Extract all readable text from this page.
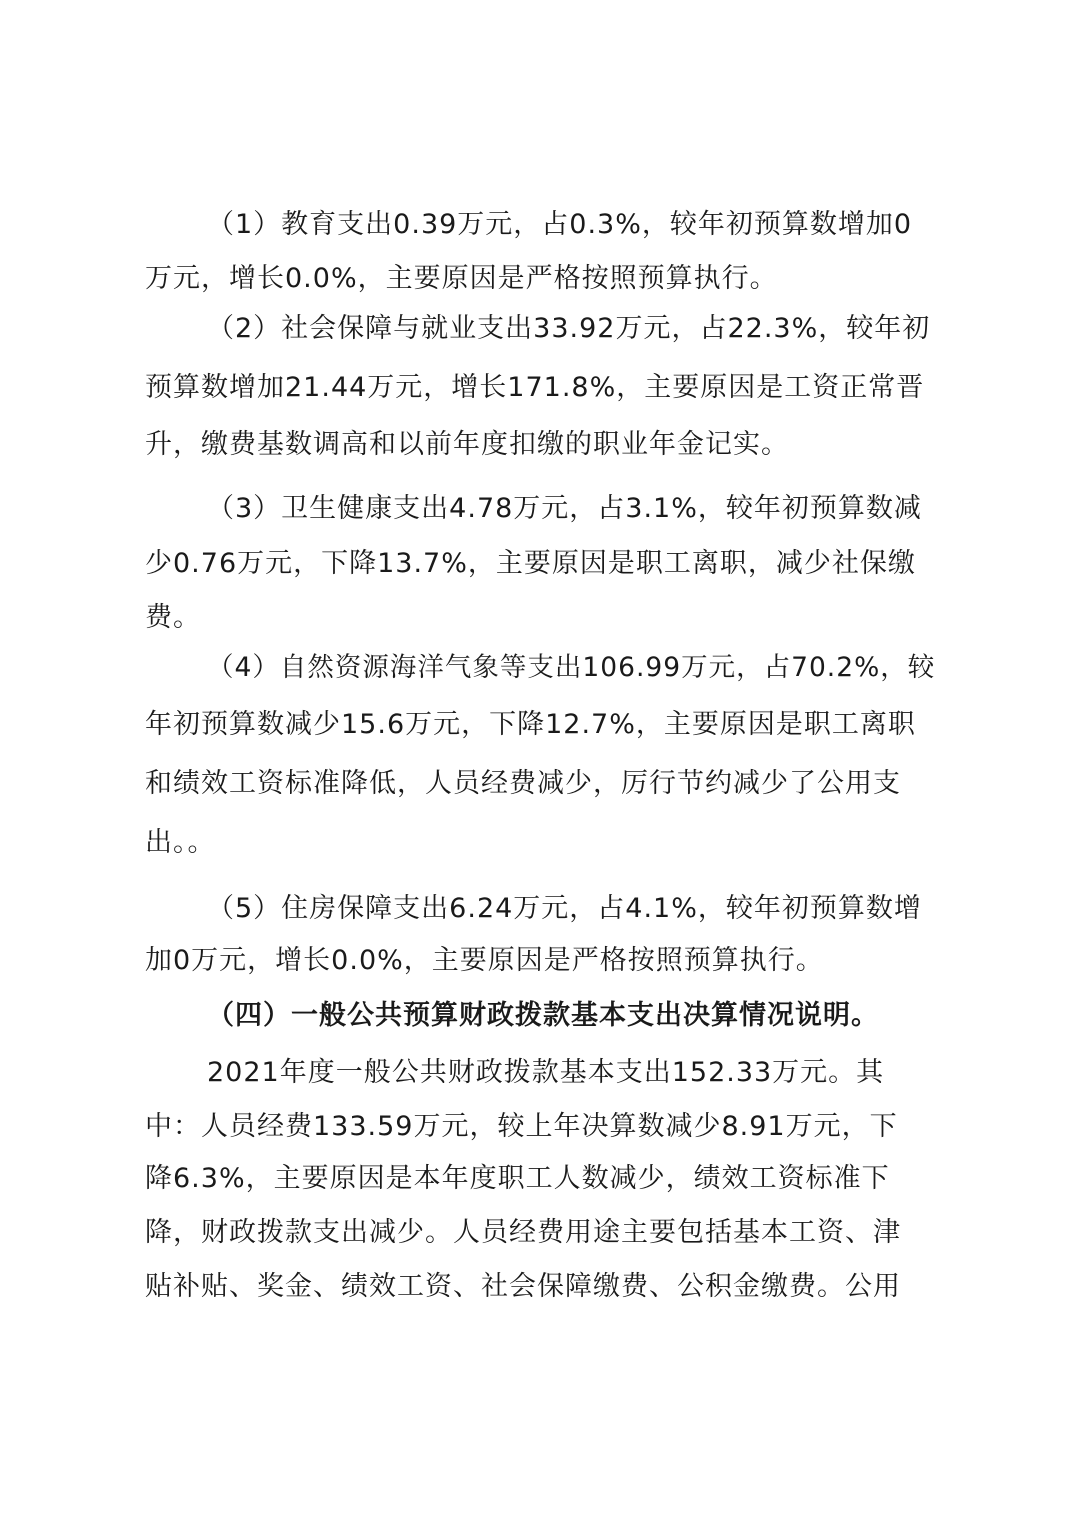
（1）教育支出0.39万元，占0.3%，较年初预算数增加0
万元，增长0.0%，主要原因是严格按照预算执行。
（2）社会保障与就业支出33.92万元，占22.3%，较年初
预算数增加21.44万元，增长171.8%，主要原因是工资正常晋
升，缴费基数调高和以前年度扣缴的职业年金记实。
（3）卫生健康支出4.78万元，占3.1%，较年初预算数减
少0.76万元，下降13.7%，主要原因是职工离职，减少社保缴
费。
（4）自然资源海洋气象等支出106.99万元，占70.2%，较
年初预算数减少15.6万元，下降12.7%，主要原因是职工离职
和绩效工资标准降低，人员经费减少，厉行节约减少了公用支
出。。
（5）住房保障支出6.24万元，占4.1%，较年初预算数增
加0万元，增长0.0%，主要原因是严格按照预算执行。
（四）一般公共预算财政拨款基本支出决算情况说明。
2021年度一般公共财政拨款基本支出152.33万元。其
中：人员经费133.59万元，较上年决算数减少8.91万元，下
降6.3%，主要原因是本年度职工人数减少，绩效工资标准下
降，财政拨款支出减少。人员经费用途主要包括基本工资、津
贴补贴、奖金、绩效工资、社会保障缴费、公积金缴费。公用
